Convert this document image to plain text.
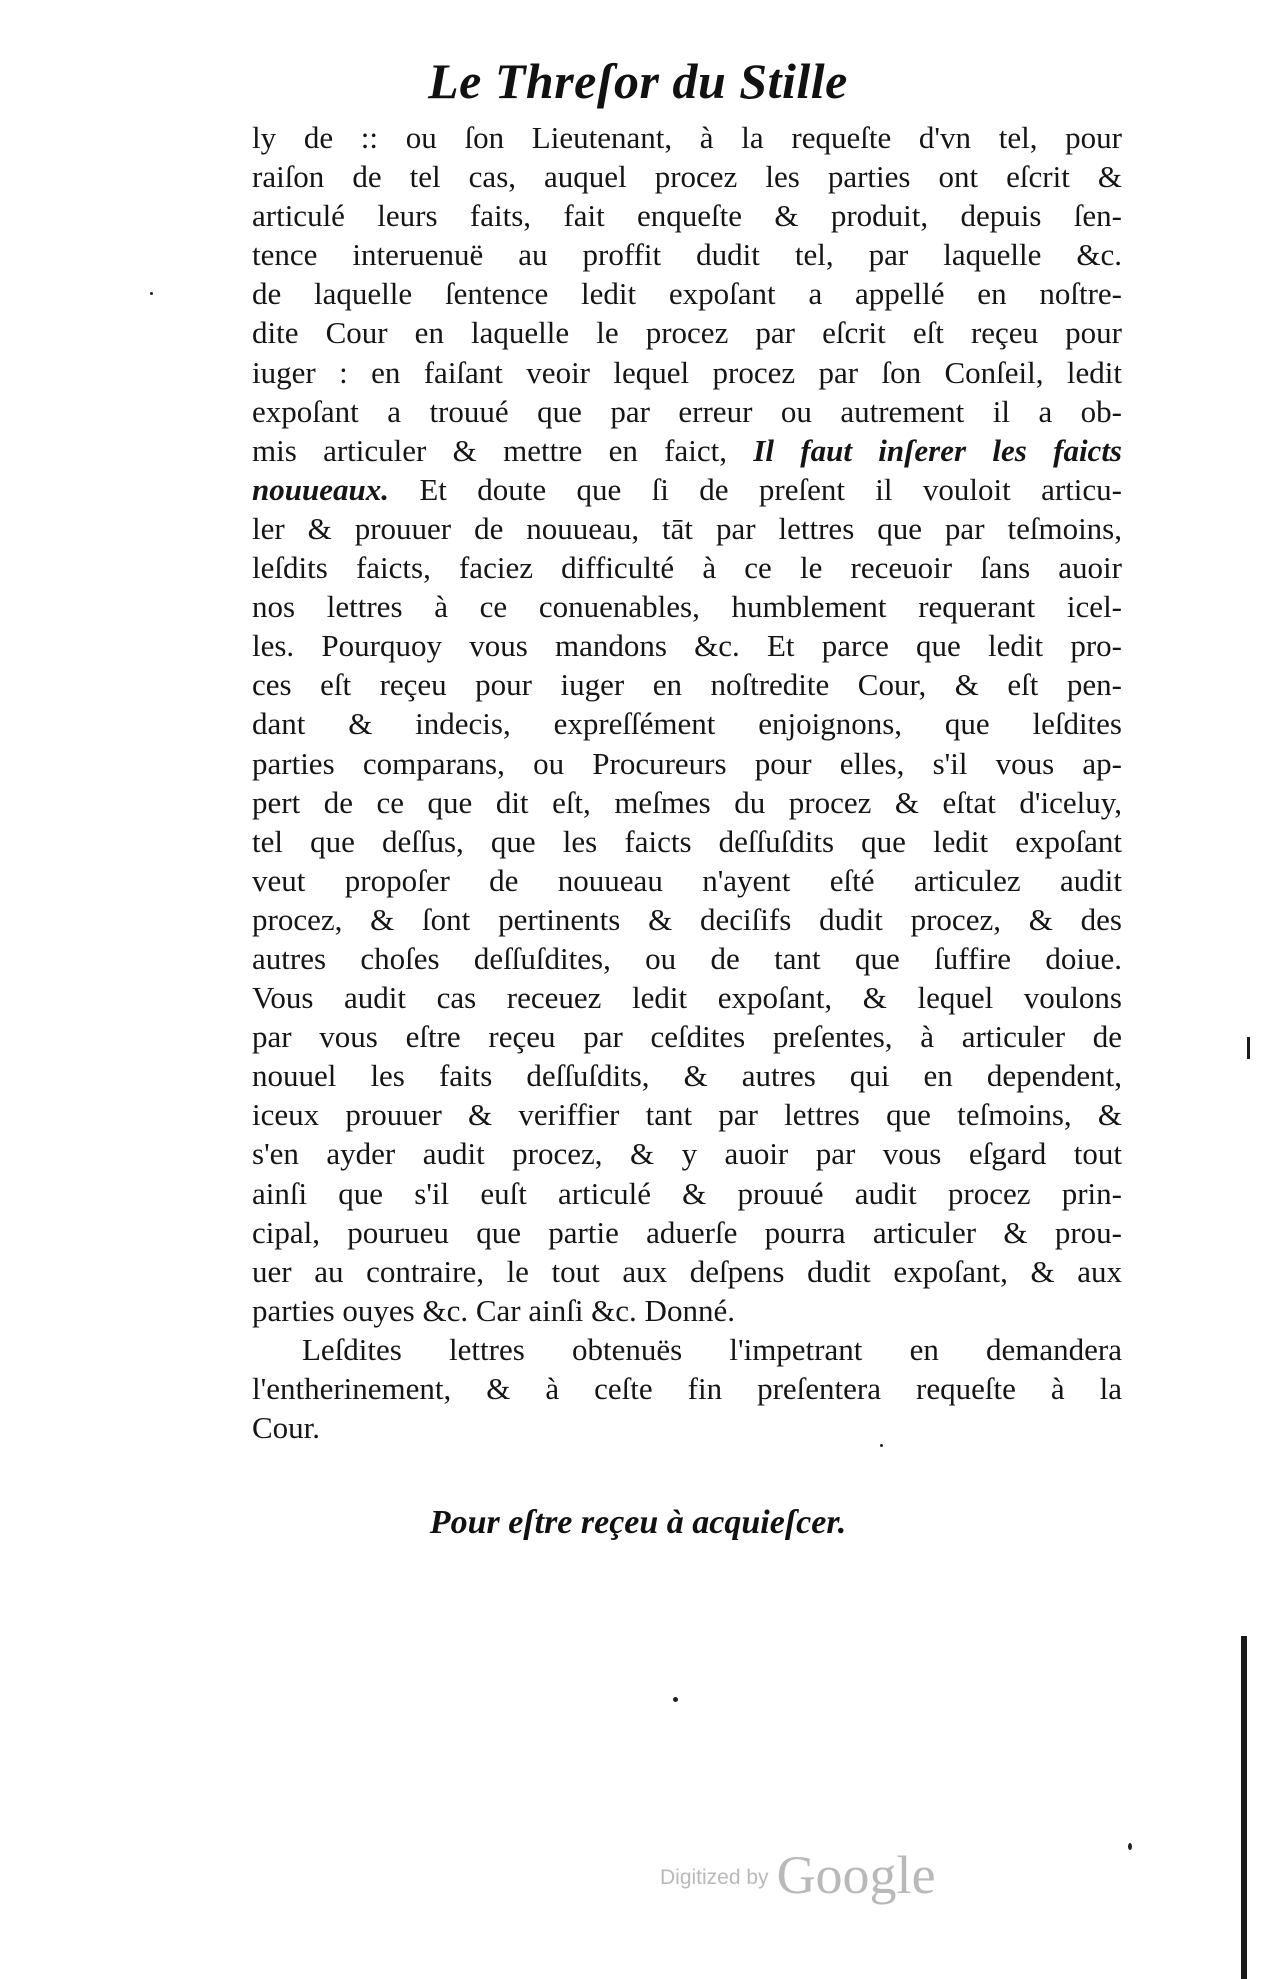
Le Threſor du Stille
ly de :: ou ſon Lieutenant, à la requeſte d'vn tel, pour
raiſon de tel cas, auquel procez les parties ont eſcrit &
articulé leurs faits, fait enqueſte & produit, depuis ſen-
tence interuenuë au proffit dudit tel, par laquelle &c.
de laquelle ſentence ledit expoſant a appellé en noſtre-
dite Cour en laquelle le procez par eſcrit eſt reçeu pour
iuger : en faiſant veoir lequel procez par ſon Conſeil, ledit
expoſant a trouué que par erreur ou autrement il a ob-
mis articuler & mettre en faict, Il faut inſerer les faicts
nouueaux. Et doute que ſi de preſent il vouloit articu-
ler & prouuer de nouueau, tāt par lettres que par teſmoins,
leſdits faicts, faciez difficulté à ce le receuoir ſans auoir
nos lettres à ce conuenables, humblement requerant icel-
les. Pourquoy vous mandons &c. Et parce que ledit pro-
ces eſt reçeu pour iuger en noſtredite Cour, & eſt pen-
dant & indecis, expreſſément enjoignons, que leſdites
parties comparans, ou Procureurs pour elles, s'il vous ap-
pert de ce que dit eſt, meſmes du procez & eſtat d'iceluy,
tel que deſſus, que les faicts deſſuſdits que ledit expoſant
veut propoſer de nouueau n'ayent eſté articulez audit
procez, & ſont pertinents & deciſifs dudit procez, & des
autres choſes deſſuſdites, ou de tant que ſuffire doiue.
Vous audit cas receuez ledit expoſant, & lequel voulons
par vous eſtre reçeu par ceſdites preſentes, à articuler de
nouuel les faits deſſuſdits, & autres qui en dependent,
iceux prouuer & veriffier tant par lettres que teſmoins, &
s'en ayder audit procez, & y auoir par vous eſgard tout
ainſi que s'il euſt articulé & prouué audit procez prin-
cipal, pourueu que partie aduerſe pourra articuler & prou-
uer au contraire, le tout aux deſpens dudit expoſant, & aux
parties ouyes &c. Car ainſi &c. Donné.
Leſdites lettres obtenuës l'impetrant en demandera
l'entherinement, & à ceſte fin preſentera requeſte à la
Cour.
Pour eſtre reçeu à acquieſcer.
Digitized by Google
